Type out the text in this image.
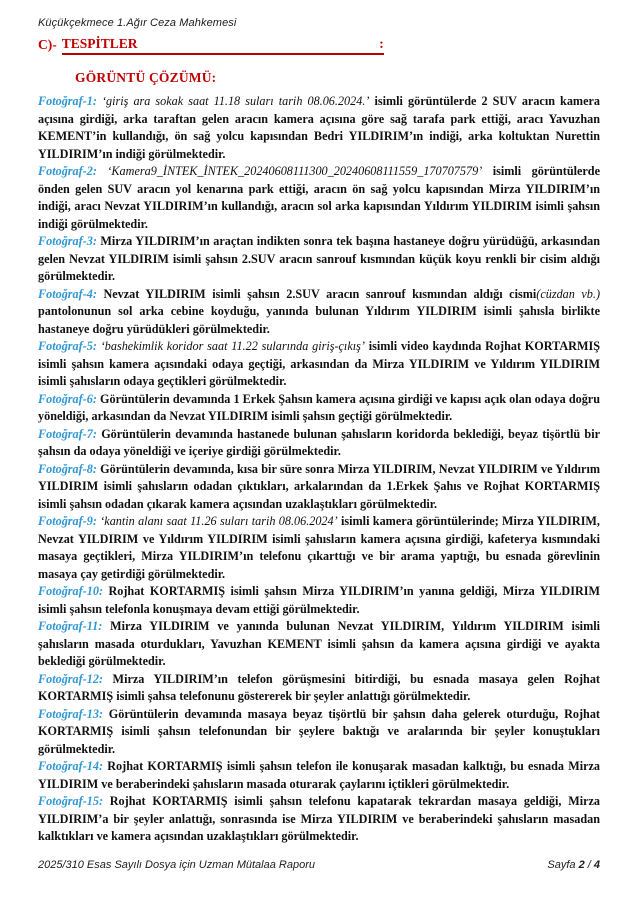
Küçükçekmece 1.Ağır Ceza Mahkemesi
C)- TESPİTLER	:
GÖRÜNTÜ ÇÖZÜMÜ:
Fotoğraf-1: ‘giriş ara sokak saat 11.18 suları tarih 08.06.2024.’ isimli görüntülerde 2 SUV aracın kamera açısına girdiği, arka taraftan gelen aracın kamera açısına göre sağ tarafa park ettiği, aracı Yavuzhan KEMENT’in kullandığı, ön sağ yolcu kapısından Bedri YILDIRIM’ın indiği, arka koltuktan Nurettin YILDIRIM’ın indiği görülmektedir.
Fotoğraf-2: ‘Kamera9_İNTEK_İNTEK_20240608111300_20240608111559_170707579’ isimli görüntülerde önden gelen SUV aracın yol kenarına park ettiği, aracın ön sağ yolcu kapısından Mirza YILDIRIM’ın indiği, aracı Nevzat YILDIRIM’ın kullandığı, aracın sol arka kapısından Yıldırım YILDIRIM isimli şahsın indiği görülmektedir.
Fotoğraf-3: Mirza YILDIRIM’ın araçtan indikten sonra tek başına hastaneye doğru yürüdüğü, arkasından gelen Nevzat YILDIRIM isimli şahsın 2.SUV aracın sanrouf kısmından küçük koyu renkli bir cisim aldığı görülmektedir.
Fotoğraf-4: Nevzat YILDIRIM isimli şahsın 2.SUV aracın sanrouf kısmından aldığı cismi(cüzdan vb.) pantolonunun sol arka cebine koyduğu, yanında bulunan Yıldırım YILDIRIM isimli şahısla birlikte hastaneye doğru yürüdükleri görülmektedir.
Fotoğraf-5: ‘bashekimlik koridor saat 11.22 sularında giriş-çıkış’ isimli video kaydında Rojhat KORTARMIŞ isimli şahsın kamera açısındaki odaya geçtiği, arkasından da Mirza YILDIRIM ve Yıldırım YILDIRIM isimli şahısların odaya geçtikleri görülmektedir.
Fotoğraf-6: Görüntülerin devamında 1 Erkek Şahsın kamera açısına girdiği ve kapısı açık olan odaya doğru yöneldiği, arkasından da Nevzat YILDIRIM isimli şahsın geçtiği görülmektedir.
Fotoğraf-7: Görüntülerin devamında hastanede bulunan şahısların koridorda beklediği, beyaz tişörtlü bir şahsın da odaya yöneldiği ve içeriye girdiği görülmektedir.
Fotoğraf-8: Görüntülerin devamında, kısa bir süre sonra Mirza YILDIRIM, Nevzat YILDIRIM ve Yıldırım YILDIRIM isimli şahısların odadan çıktıkları, arkalarından da 1.Erkek Şahıs ve Rojhat KORTARMIŞ isimli şahsın odadan çıkarak kamera açısından uzaklaştıkları görülmektedir.
Fotoğraf-9: ‘kantin alanı saat 11.26 suları tarih 08.06.2024’ isimli kamera görüntülerinde; Mirza YILDIRIM, Nevzat YILDIRIM ve Yıldırım YILDIRIM isimli şahısların kamera açısına girdiği, kafeterya kısmındaki masaya geçtikleri, Mirza YILDIRIM’ın telefonu çıkarttığı ve bir arama yaptığı, bu esnada görevlinin masaya çay getirdiği görülmektedir.
Fotoğraf-10: Rojhat KORTARMIŞ isimli şahsın Mirza YILDIRIM’ın yanına geldiği, Mirza YILDIRIM isimli şahsın telefonla konuşmaya devam ettiği görülmektedir.
Fotoğraf-11: Mirza YILDIRIM ve yanında bulunan Nevzat YILDIRIM, Yıldırım YILDIRIM isimli şahısların masada oturdukları, Yavuzhan KEMENT isimli şahsın da kamera açısına girdiği ve ayakta beklediği görülmektedir.
Fotoğraf-12: Mirza YILDIRIM’ın telefon görüşmesini bitirdiği, bu esnada masaya gelen Rojhat KORTARMIŞ isimli şahsa telefonunu göstererek bir şeyler anlattığı görülmektedir.
Fotoğraf-13: Görüntülerin devamında masaya beyaz tişörtlü bir şahsın daha gelerek oturduğu, Rojhat KORTARMIŞ isimli şahsın telefonundan bir şeylere baktığı ve aralarında bir şeyler konuştukları görülmektedir.
Fotoğraf-14: Rojhat KORTARMIŞ isimli şahsın telefon ile konuşarak masadan kalktığı, bu esnada Mirza YILDIRIM ve beraberindeki şahısların masada oturarak çaylarını içtikleri görülmektedir.
Fotoğraf-15: Rojhat KORTARMIŞ isimli şahsın telefonu kapatarak tekrardan masaya geldiği, Mirza YILDIRIM’a bir şeyler anlattığı, sonrasında ise Mirza YILDIRIM ve beraberindeki şahısların masadan kalktıkları ve kamera açısından uzaklaştıkları görülmektedir.
2025/310 Esas Sayılı Dosya için Uzman Mütalaa Raporu	Sayfa 2 / 4
